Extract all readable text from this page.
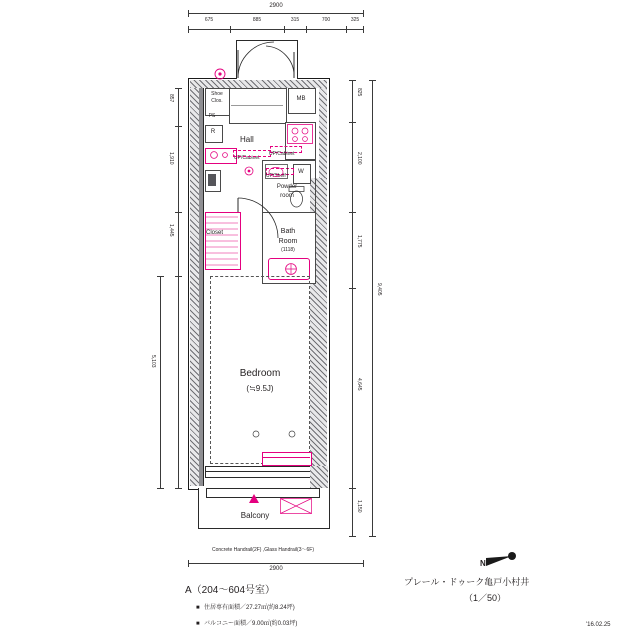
2900
675	885	315	700	325
Shoe
Clos.
PS
MB
Hall
R
UP/Cabinet
UP/Cabinet
W
UP/Shelf
Powder
room
Bath
Room
(1118)
Closet
Bedroom
(≒9.5J)
Balcony
Concrete Handrail(2F) ,Glass Handrail(3〜6F)
2900
857
1,910
1,445
5,103
825
2,100
1,775
4,645
1,150
9,405
N
A（204〜604号室）
■ 住居専有面積／27.27㎡(約8.24坪)
■ バルコニー面積／9.00㎡(約0.03坪)
プレール・ドゥーク亀戸小村井
（1／50）
'16.02.25
